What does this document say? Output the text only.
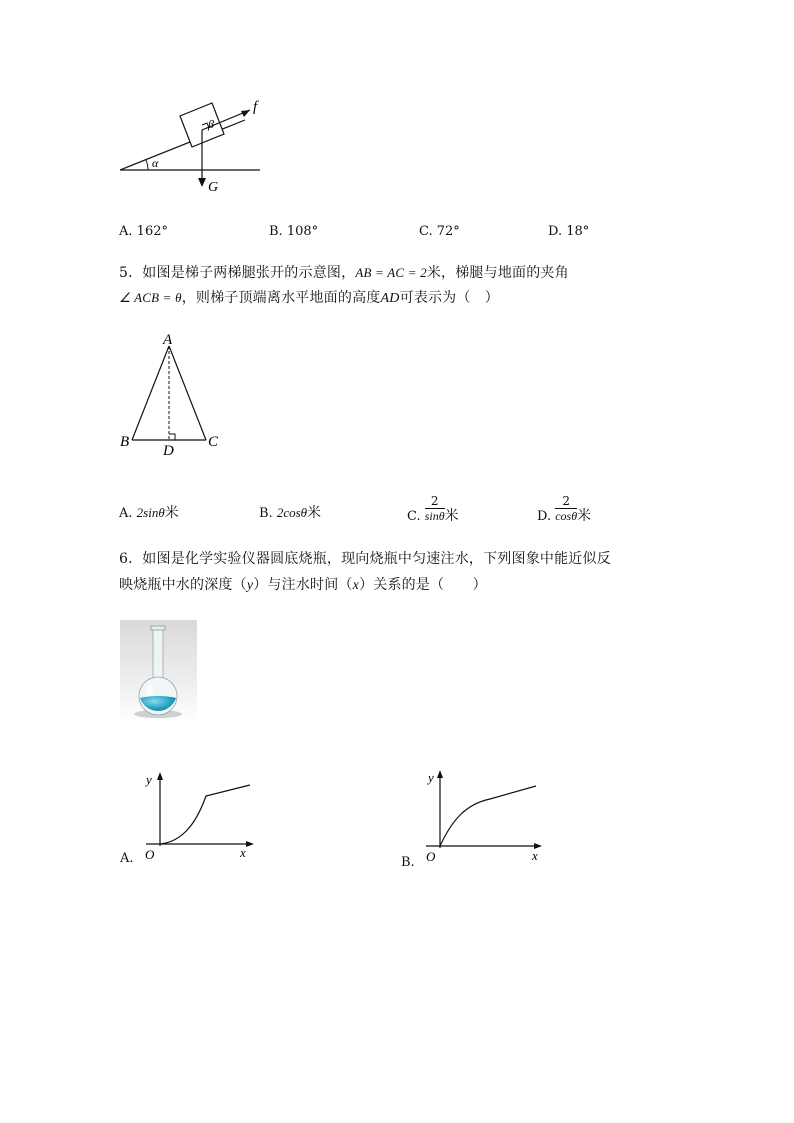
f
β
α
G
A. 162°	B. 108°	C. 72°	D. 18°
5．如图是梯子两梯腿张开的示意图，AB = AC = 2米，梯腿与地面的夹角
∠ ACB = θ，则梯子顶端离水平地面的高度AD可表示为（　）
A
B	C
D
A. 2sinθ米	B. 2cosθ米	C. $\frac{2}{\sin\theta}$ 米	D. $\frac{2}{\cos\theta}$ 米
6．如图是化学实验仪器圆底烧瓶，现向烧瓶中匀速注水，下列图象中能近似反
映烧瓶中水的深度（y）与注水时间（x）关系的是（　　）
y
x
O
A.
y
x
O
B.
